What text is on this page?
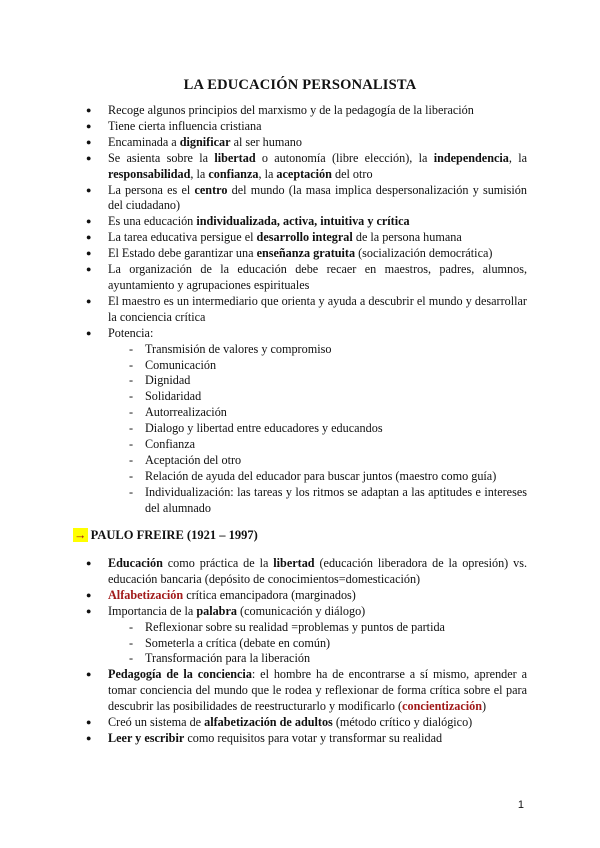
LA EDUCACIÓN PERSONALISTA
● Recoge algunos principios del marxismo y de la pedagogía de la liberación
● Tiene cierta influencia cristiana
● Encaminada a dignificar al ser humano
● Se asienta sobre la libertad o autonomía (libre elección), la independencia, la responsabilidad, la confianza, la aceptación del otro
● La persona es el centro del mundo (la masa implica despersonalización y sumisión del ciudadano)
● Es una educación individualizada, activa, intuitiva y crítica
● La tarea educativa persigue el desarrollo integral de la persona humana
● El Estado debe garantizar una enseñanza gratuita (socialización democrática)
● La organización de la educación debe recaer en maestros, padres, alumnos, ayuntamiento y agrupaciones espirituales
● El maestro es un intermediario que orienta y ayuda a descubrir el mundo y desarrollar la conciencia crítica
● Potencia:
- Transmisión de valores y compromiso
- Comunicación
- Dignidad
- Solidaridad
- Autorrealización
- Dialogo y libertad entre educadores y educandos
- Confianza
- Aceptación del otro
- Relación de ayuda del educador para buscar juntos (maestro como guía)
- Individualización: las tareas y los ritmos se adaptan a las aptitudes e intereses del alumnado
→ PAULO FREIRE (1921 – 1997)
● Educación como práctica de la libertad (educación liberadora de la opresión) vs. educación bancaria (depósito de conocimientos=domesticación)
● Alfabetización crítica emancipadora (marginados)
● Importancia de la palabra (comunicación y diálogo)
- Reflexionar sobre su realidad =problemas y puntos de partida
- Someterla a crítica (debate en común)
- Transformación para la liberación
● Pedagogía de la conciencia: el hombre ha de encontrarse a sí mismo, aprender a tomar conciencia del mundo que le rodea y reflexionar de forma crítica sobre el para descubrir las posibilidades de reestructurarlo y modificarlo (concientización)
● Creó un sistema de alfabetización de adultos (método crítico y dialógico)
● Leer y escribir como requisitos para votar y transformar su realidad
1
